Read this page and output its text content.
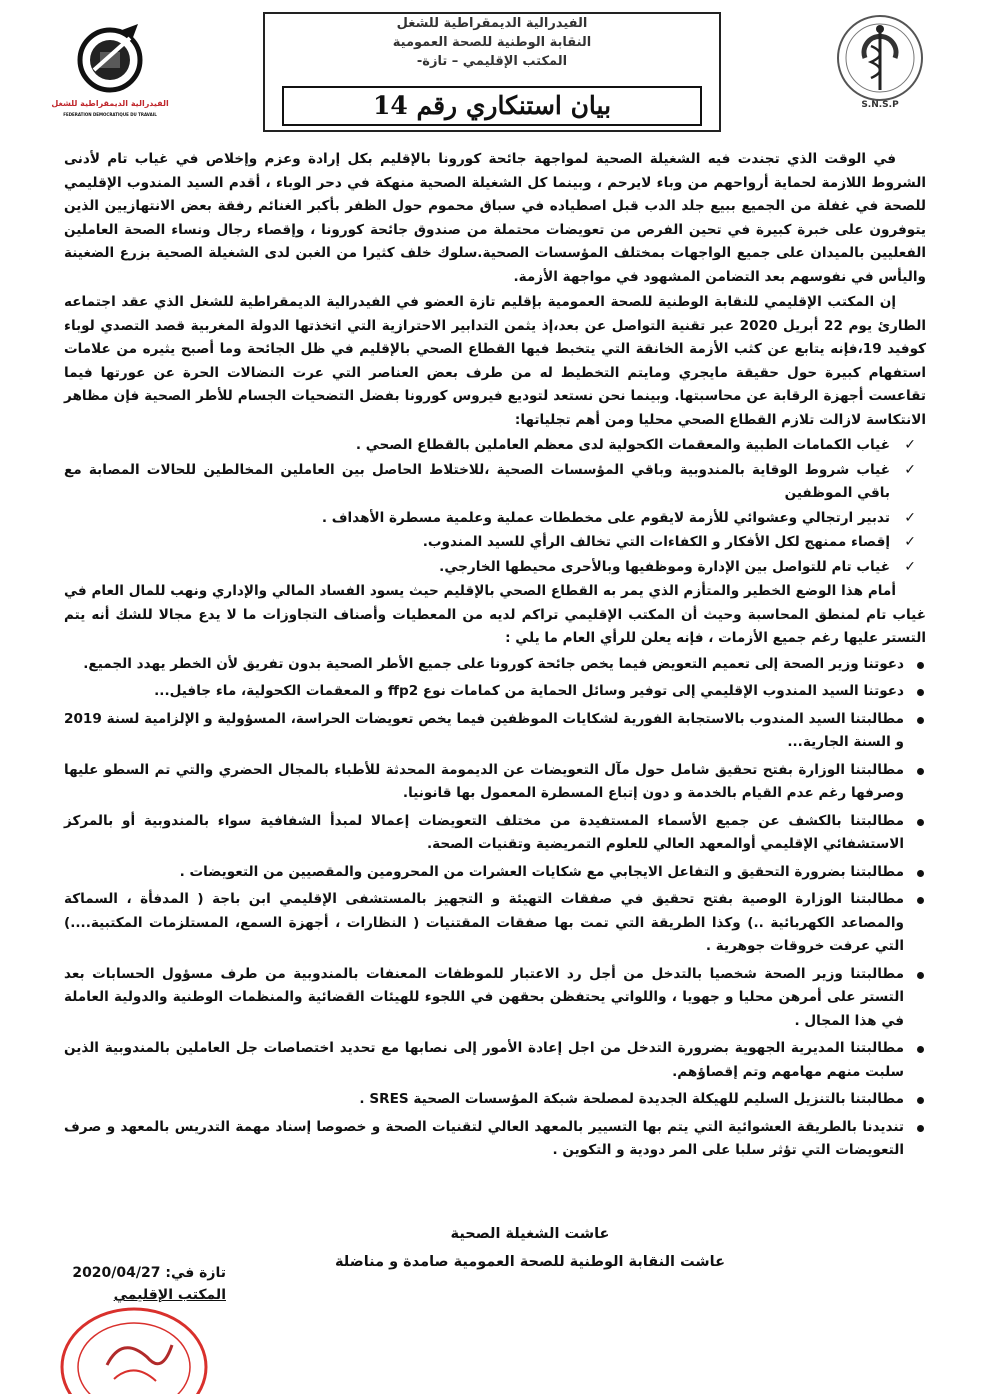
الفيدرالية الديمقراطية للشغل
FEDERATION DEMOCRATIQUE DU TRAVAIL
S.N.S.P
الفيدرالية الديمقراطية للشغل
النقابة الوطنية للصحة العمومية
المكتب الإقليمي – تازة-
بيان استنكاري رقم 14

في الوقت الذي تجندت فيه الشغيلة الصحية لمواجهة جائحة كورونا بالإقليم بكل إرادة وعزم وإخلاص في غياب تام لأدنى الشروط اللازمة لحماية أرواحهم من وباء لايرحم ، وبينما كل الشغيلة الصحية منهكة في دحر الوباء ، أقدم السيد المندوب الإقليمي للصحة في غفلة من الجميع ببيع جلد الدب قبل اصطياده في سباق محموم حول الظفر بأكبر الغنائم رفقة بعض الانتهازيين الذين يتوفرون على خبرة كبيرة في تحين الفرص من تعويضات محتملة من صندوق جائحة كورونا ، وإقصاء رجال ونساء الصحة العاملين الفعليين بالميدان على جميع الواجهات بمختلف المؤسسات الصحية.سلوك خلف كثيرا من الغبن لدى الشغيلة الصحية بزرع الضغينة واليأس في نفوسهم بعد التضامن المشهود في مواجهة الأزمة.

إن المكتب الإقليمي للنقابة الوطنية للصحة العمومية بإقليم تازة العضو في الفيدرالية الديمقراطية للشغل الذي عقد اجتماعه الطارئ يوم 22 أبريل 2020 عبر تقنية التواصل عن بعد،إذ يثمن التدابير الاحترازية التي اتخذتها الدولة المغربية قصد التصدي لوباء كوفيد 19،فإنه يتابع عن كثب الأزمة الخانقة التي يتخبط فيها القطاع الصحي بالإقليم في ظل الجائحة وما أصبح يثيره من علامات استفهام كبيرة حول حقيقة مايجري ومايتم التخطيط له من طرف بعض العناصر التي عرت النضالات الحرة عن عورتها فيما تقاعست أجهزة الرقابة عن محاسبتها. وبينما نحن نستعد لتوديع فيروس كورونا بفضل التضحيات الجسام للأطر الصحية فإن مظاهر الانتكاسة لازالت تلازم القطاع الصحي محليا ومن أهم تجلياتها:

✓
غياب الكمامات الطبية والمعقمات الكحولية لدى معظم العاملين بالقطاع الصحي .
✓
غياب شروط الوقاية بالمندوبية وباقي المؤسسات الصحية ،للاختلاط الحاصل بين العاملين المخالطين للحالات المصابة مع باقي الموظفين
✓
تدبير ارتجالي وعشوائي للأزمة لايقوم على مخططات عملية وعلمية مسطرة الأهداف .
✓
إقصاء ممنهج لكل الأفكار و الكفاءات التي تخالف الرأي للسيد المندوب.
✓
غياب تام للتواصل بين الإدارة وموظفيها وبالأحرى محيطها الخارجي.

أمام هذا الوضع الخطير والمتأزم الذي يمر به القطاع الصحي بالإقليم حيث يسود الفساد المالي والإداري ونهب للمال العام في غياب تام لمنطق المحاسبة وحيث أن المكتب الإقليمي تراكم لديه من المعطيات وأصناف التجاوزات ما لا يدع مجالا للشك أنه يتم التستر عليها رغم جميع الأزمات ، فإنه يعلن للرأي العام ما يلي :

دعوتنا وزير الصحة إلى تعميم التعويض فيما يخص جائحة كورونا على جميع الأطر الصحية بدون تفريق لأن الخطر يهدد الجميع.
دعوتنا السيد المندوب الإقليمي إلى توفير وسائل الحماية من كمامات نوع ffp2 و المعقمات الكحولية، ماء جافيل...
مطالبتنا السيد المندوب بالاستجابة الفورية لشكايات الموظفين فيما يخص تعويضات الحراسة، المسؤولية و الإلزامية لسنة 2019 و السنة الجارية...
مطالبتنا الوزارة بفتح تحقيق شامل حول مآل التعويضات عن الديمومة المحدثة للأطباء بالمجال الحضري والتي تم السطو عليها وصرفها رغم عدم القيام بالخدمة و دون إتباع المسطرة المعمول بها قانونيا.
مطالبتنا بالكشف عن جميع الأسماء المستفيدة من مختلف التعويضات إعمالا لمبدأ الشفافية سواء بالمندوبية أو بالمركز الاستشفائي الإقليمي أوالمعهد العالي للعلوم التمريضية وتقنيات الصحة.
مطالبتنا بضرورة التحقيق و التفاعل الايجابي مع شكايات العشرات من المحرومين والمقصيين من التعويضات .
مطالبتنا الوزارة الوصية بفتح تحقيق في صفقات التهيئة و التجهيز بالمستشفى الإقليمي ابن باجة ( المدفأة ، السماكة والمصاعد الكهربائية ..) وكذا الطريقة التي تمت بها صفقات المقتنيات ( النظارات ، أجهزة السمع، المستلزمات المكتبية....) التي عرفت خروقات جوهرية .
مطالبتنا وزير الصحة شخصيا بالتدخل من أجل رد الاعتبار للموظفات المعنفات بالمندوبية من طرف مسؤول الحسابات بعد التستر على أمرهن محليا و جهويا ، واللواتي يحتفظن بحقهن في اللجوء للهيئات القضائية والمنظمات الوطنية والدولية العاملة في هذا المجال .
مطالبتنا المديرية الجهوية بضرورة التدخل من اجل إعادة الأمور إلى نصابها مع تحديد اختصاصات جل العاملين بالمندوبية الذين سلبت منهم مهامهم وتم إقصاؤهم.
مطالبتنا بالتنزيل السليم للهيكلة الجديدة لمصلحة شبكة المؤسسات الصحية SRES .
تنديدنا بالطريقة العشوائية التي يتم بها التسيير بالمعهد العالي لتقنيات الصحة و خصوصا إسناد مهمة التدريس بالمعهد و صرف التعويضات التي تؤثر سلبا على المر دودية و التكوين .
عاشت الشغيلة الصحية
عاشت النقابة الوطنية للصحة العمومية صامدة و مناضلة
تازة في: 2020/04/27
المكتب الإقليمي
